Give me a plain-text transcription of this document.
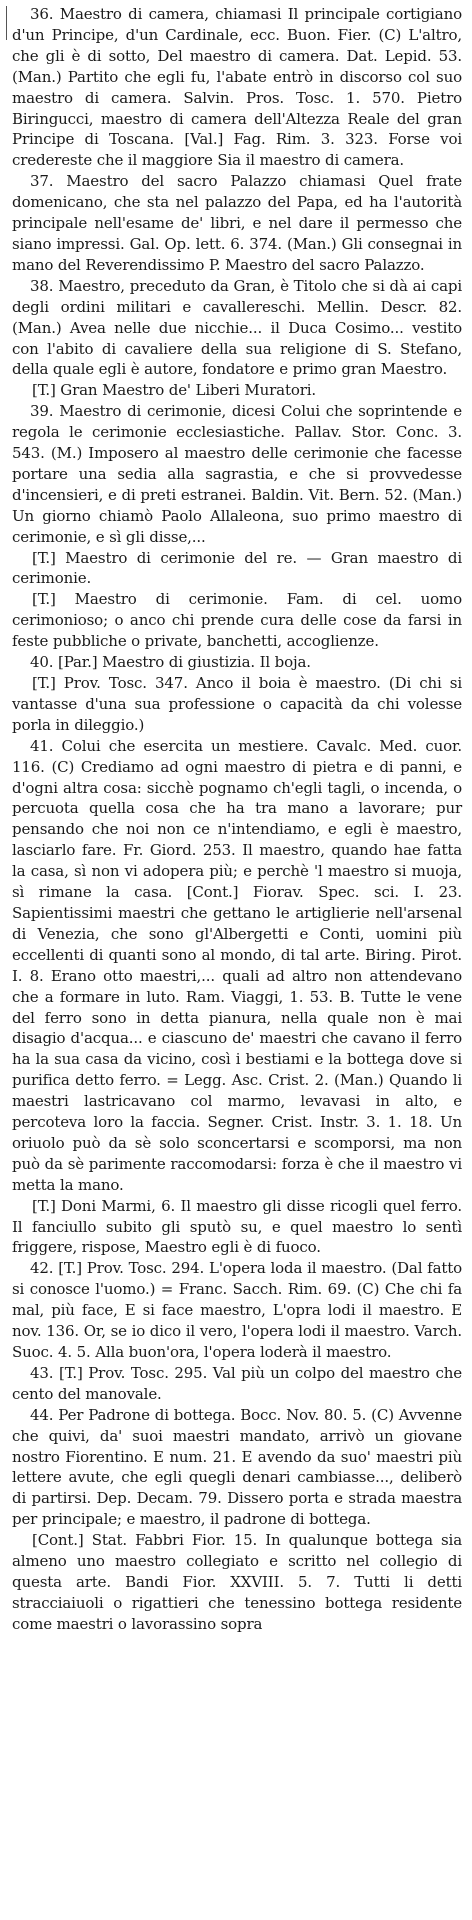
36. Maestro di camera, chiamasi Il principale cortigiano d'un Principe, d'un Cardinale, ecc. Buon. Fier. (C) L'altro, che gli è di sotto, Del maestro di camera. Dat. Lepid. 53. (Man.) Partito che egli fu, l'abate entrò in discorso col suo maestro di camera. Salvin. Pros. Tosc. 1. 570. Pietro Biringucci, maestro di camera dell'Altezza Reale del gran Principe di Toscana. [Val.] Fag. Rim. 3. 323. Forse voi credereste che il maggiore Sia il maestro di camera.

37. Maestro del sacro Palazzo chiamasi Quel frate domenicano, che sta nel palazzo del Papa, ed ha l'autorità principale nell'esame de' libri, e nel dare il permesso che siano impressi. Gal. Op. lett. 6. 374. (Man.) Gli consegnai in mano del Reverendissimo P. Maestro del sacro Palazzo.

38. Maestro, preceduto da Gran, è Titolo che si dà ai capi degli ordini militari e cavallereschi. Mellin. Descr. 82. (Man.) Avea nelle due nicchie... il Duca Cosimo... vestito con l'abito di cavaliere della sua religione di S. Stefano, della quale egli è autore, fondatore e primo gran Maestro.

[T.] Gran Maestro de' Liberi Muratori.

39. Maestro di cerimonie, dicesi Colui che soprintende e regola le cerimonie ecclesiastiche. Pallav. Stor. Conc. 3. 543. (M.) Imposero al maestro delle cerimonie che facesse portare una sedia alla sagrastia, e che si provvedesse d'incensieri, e di preti estranei. Baldin. Vit. Bern. 52. (Man.) Un giorno chiamò Paolo Allaleona, suo primo maestro di cerimonie, e sì gli disse,...

[T.] Maestro di cerimonie del re. — Gran maestro di cerimonie.

[T.] Maestro di cerimonie. Fam. di cel. uomo cerimonioso; o anco chi prende cura delle cose da farsi in feste pubbliche o private, banchetti, accoglienze.

40. [Par.] Maestro di giustizia. Il boja.

[T.] Prov. Tosc. 347. Anco il boia è maestro. (Di chi si vantasse d'una sua professione o capacità da chi volesse porla in dileggio.)

41. Colui che esercita un mestiere. Cavalc. Med. cuor. 116. (C) Crediamo ad ogni maestro di pietra e di panni, e d'ogni altra cosa: sicchè pognamo ch'egli tagli, o incenda, o percuota quella cosa che ha tra mano a lavorare; pur pensando che noi non ce n'intendiamo, e egli è maestro, lasciarlo fare. Fr. Giord. 253. Il maestro, quando hae fatta la casa, sì non vi adopera più; e perchè 'l maestro si muoja, sì rimane la casa. [Cont.] Fiorav. Spec. sci. I. 23. Sapientissimi maestri che gettano le artiglierie nell'arsenal di Venezia, che sono gl'Albergetti e Conti, uomini più eccellenti di quanti sono al mondo, di tal arte. Biring. Pirot. I. 8. Erano otto maestri,... quali ad altro non attendevano che a formare in luto. Ram. Viaggi, 1. 53. B. Tutte le vene del ferro sono in detta pianura, nella quale non è mai disagio d'acqua... e ciascuno de' maestri che cavano il ferro ha la sua casa da vicino, così i bestiami e la bottega dove si purifica detto ferro. = Legg. Asc. Crist. 2. (Man.) Quando li maestri lastricavano col marmo, levavasi in alto, e percoteva loro la faccia. Segner. Crist. Instr. 3. 1. 18. Un oriuolo può da sè solo sconcertarsi e scomporsi, ma non può da sè parimente raccomodarsi: forza è che il maestro vi metta la mano.

[T.] Doni Marmi, 6. Il maestro gli disse ricogli quel ferro. Il fanciullo subito gli sputò su, e quel maestro lo sentì friggere, rispose, Maestro egli è di fuoco.

42. [T.] Prov. Tosc. 294. L'opera loda il maestro. (Dal fatto si conosce l'uomo.) = Franc. Sacch. Rim. 69. (C) Che chi fa mal, più face, E si face maestro, L'opra lodi il maestro. E nov. 136. Or, se io dico il vero, l'opera lodi il maestro. Varch. Suoc. 4. 5. Alla buon'ora, l'opera loderà il maestro.

43. [T.] Prov. Tosc. 295. Val più un colpo del maestro che cento del manovale.

44. Per Padrone di bottega. Bocc. Nov. 80. 5. (C) Avvenne che quivi, da' suoi maestri mandato, arrivò un giovane nostro Fiorentino. E num. 21. E avendo da suo' maestri più lettere avute, che egli quegli denari cambiasse..., deliberò di partirsi. Dep. Decam. 79. Dissero porta e strada maestra per principale; e maestro, il padrone di bottega.

[Cont.] Stat. Fabbri Fior. 15. In qualunque bottega sia almeno uno maestro collegiato e scritto nel collegio di questa arte. Bandi Fior. XXVIII. 5. 7. Tutti li detti stracciaiuoli o rigattieri che tenessino bottega residente come maestri o lavorassino sopra
